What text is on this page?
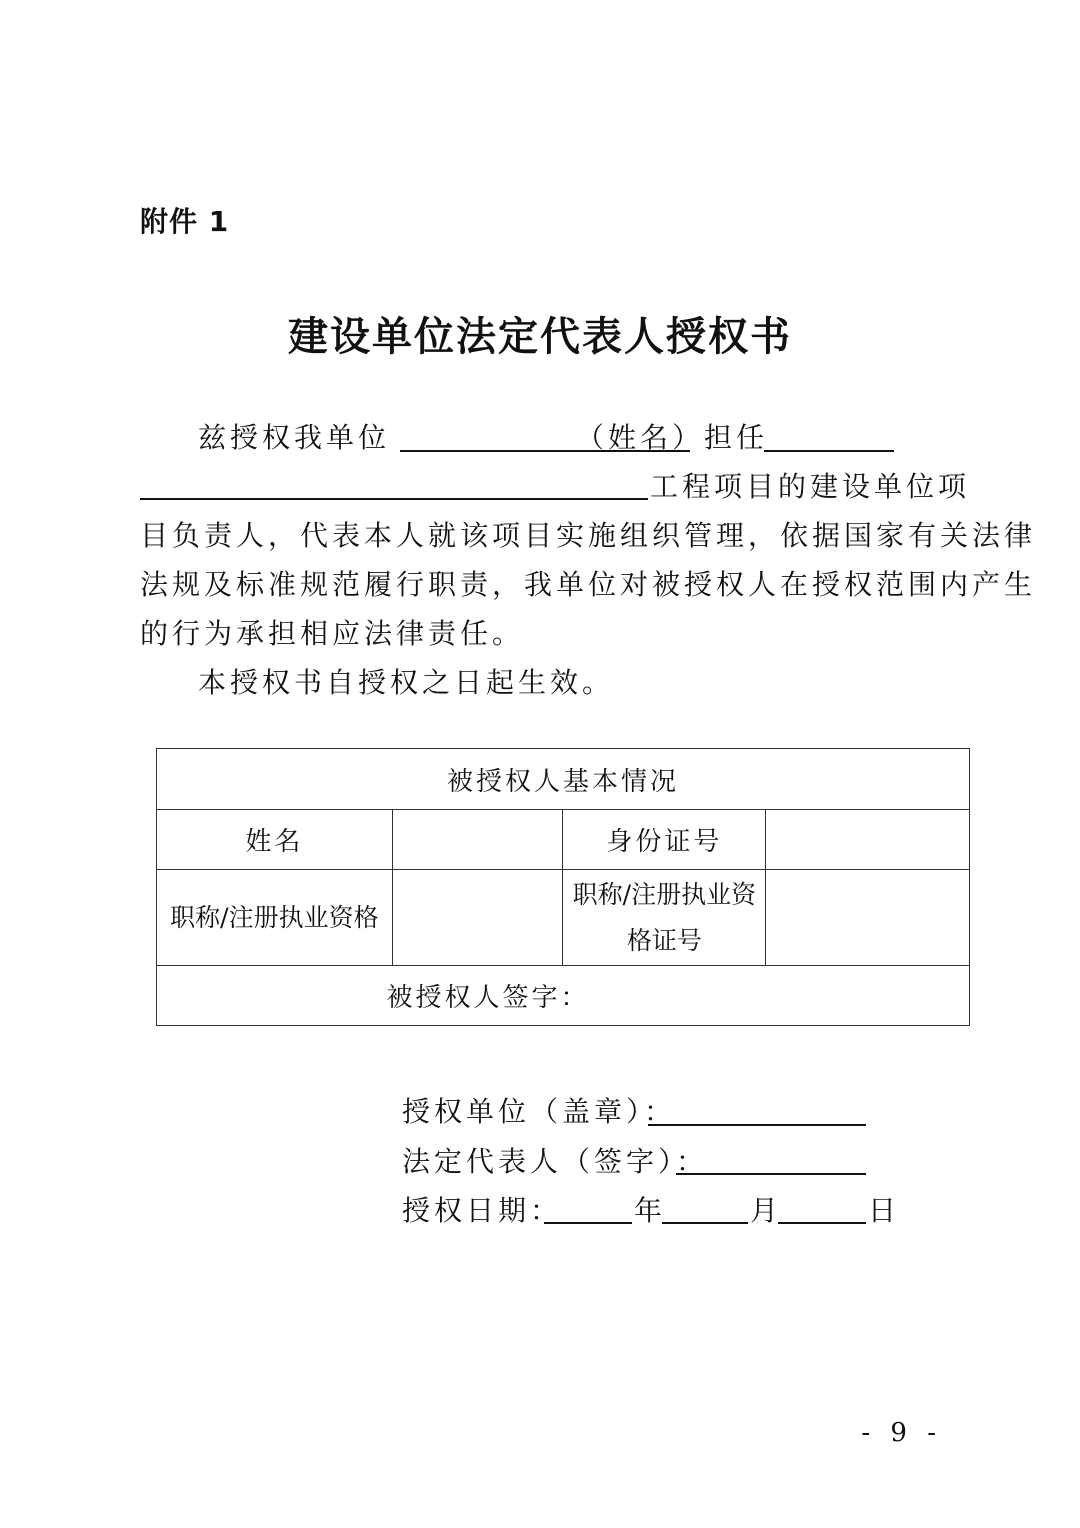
附件 1
建设单位法定代表人授权书
兹授权我单位	（姓名）担任
工程项目的建设单位项
目负责人，代表本人就该项目实施组织管理，依据国家有关法律
法规及标准规范履行职责，我单位对被授权人在授权范围内产生
的行为承担相应法律责任。
本授权书自授权之日起生效。
被授权人基本情况			
姓名		身份证号	
职称/注册执业资格		职称/注册执业资
格证号	

被授权人签字：			
授权单位（盖章）：
法定代表人（签字）：
授权日期：	年	月	日
- 9 -
